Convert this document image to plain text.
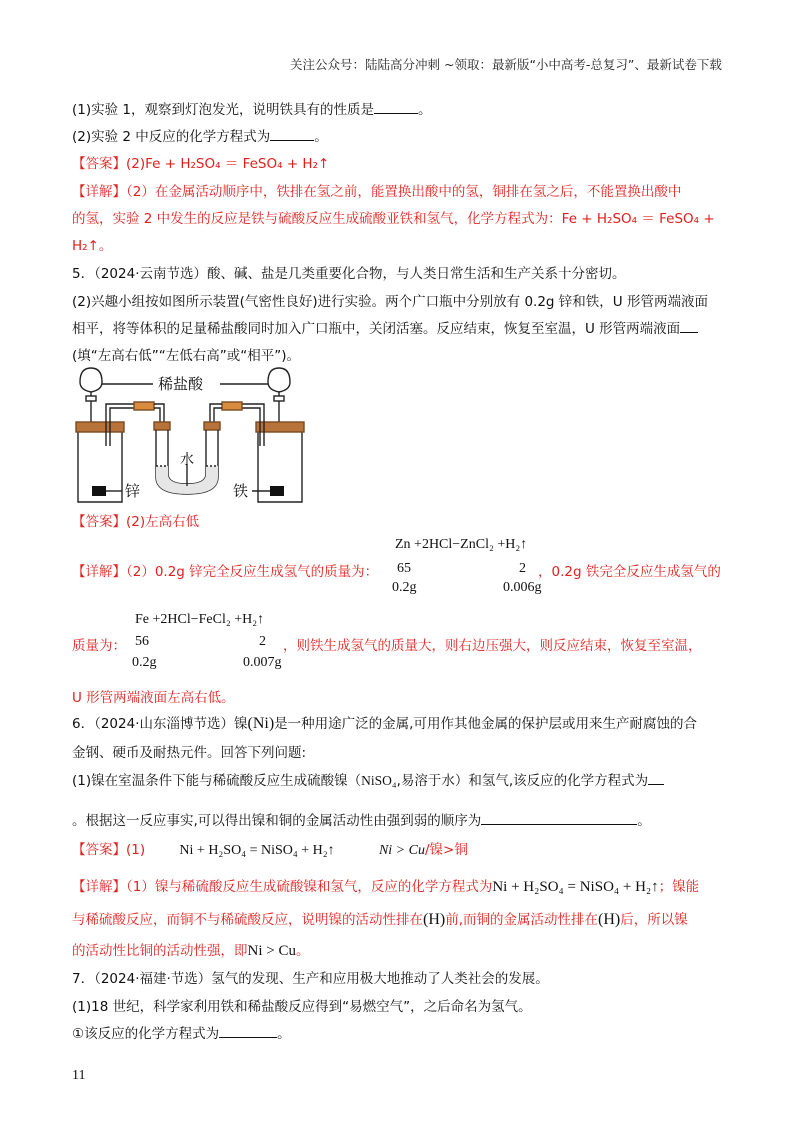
关注公众号：陆陆高分冲刺 ~领取：最新版“小中高考-总复习”、最新试卷下载
(1)实验 1，观察到灯泡发光，说明铁具有的性质是	。
(2)实验 2 中反应的化学方程式为	。
【答案】(2)Fe + H₂SO₄ ＝ FeSO₄ + H₂↑
【详解】（2）在金属活动顺序中，铁排在氢之前，能置换出酸中的氢，铜排在氢之后，不能置换出酸中
的氢，实验 2 中发生的反应是铁与硫酸反应生成硫酸亚铁和氢气，化学方程式为：Fe + H₂SO₄ ＝ FeSO₄ +
H₂↑。
5．（2024·云南节选）酸、碱、盐是几类重要化合物，与人类日常生活和生产关系十分密切。
(2)兴趣小组按如图所示装置(气密性良好)进行实验。两个广口瓶中分别放有 0.2g 锌和铁，U 形管两端液面
相平，将等体积的足量稀盐酸同时加入广口瓶中，关闭活塞。反应结束，恢复至室温，U 形管两端液面
(填“左高右低”“左低右高”或“相平”)。
稀盐酸
水
锌	铁
【答案】(2)左高右低
Zn +2HCl−ZnCl₂ +H₂↑
65	2
0.2g	0.006g
【详解】（2）0.2g 锌完全反应生成氢气的质量为：	，0.2g 铁完全反应生成氢气的
Fe +2HCl−FeCl₂ +H₂↑
56	2
0.2g	0.007g
质量为：	，则铁生成氢气的质量大，则右边压强大，则反应结束，恢复至室温，
U 形管两端液面左高右低。
6．（2024·山东淄博节选）镍(Ni)是一种用途广泛的金属,可用作其他金属的保护层或用来生产耐腐蚀的合
金钢、硬币及耐热元件。回答下列问题:
(1)镍在室温条件下能与稀硫酸反应生成硫酸镍（NiSO₄,易溶于水）和氢气,该反应的化学方程式为
。根据这一反应事实,可以得出镍和铜的金属活动性由强到弱的顺序为	。
【答案】(1) Ni + H₂SO₄ = NiSO₄ + H₂↑	Ni > Cu/镍>铜
【详解】（1）镍与稀硫酸反应生成硫酸镍和氢气，反应的化学方程式为Ni + H₂SO₄ = NiSO₄ + H₂↑；镍能
与稀硫酸反应，而铜不与稀硫酸反应，说明镍的活动性排在(H)前,而铜的金属活动性排在(H)后，所以镍
的活动性比铜的活动性强，即Ni > Cu。
7．（2024·福建·节选）氢气的发现、生产和应用极大地推动了人类社会的发展。
(1)18 世纪，科学家利用铁和稀盐酸反应得到“易燃空气”，之后命名为氢气。
①该反应的化学方程式为	。
11
